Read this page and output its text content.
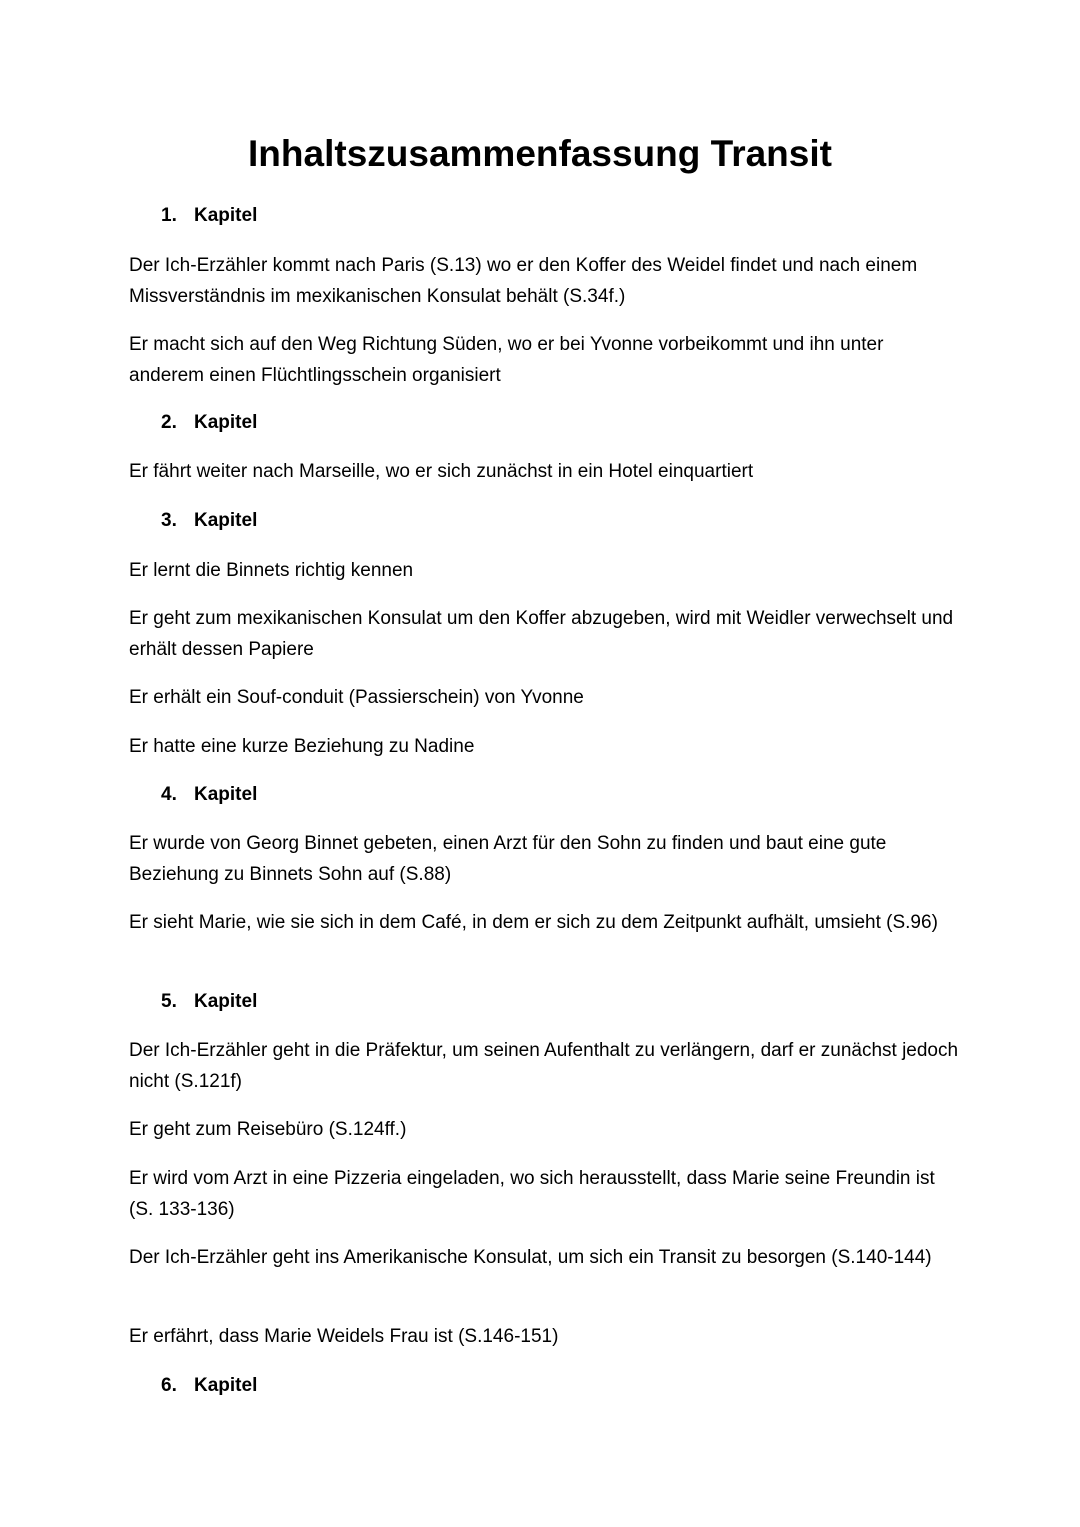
Inhaltszusammenfassung Transit
1. Kapitel

Der Ich-Erzähler kommt nach Paris (S.13) wo er den Koffer des Weidel findet und nach einem Missverständnis im mexikanischen Konsulat behält (S.34f.)

Er macht sich auf den Weg Richtung Süden, wo er bei Yvonne vorbeikommt und ihn unter anderem einen Flüchtlingsschein organisiert

2. Kapitel

Er fährt weiter nach Marseille, wo er sich zunächst in ein Hotel einquartiert

3. Kapitel

Er lernt die Binnets richtig kennen

Er geht zum mexikanischen Konsulat um den Koffer abzugeben, wird mit Weidler verwechselt und erhält dessen Papiere

Er erhält ein Souf-conduit (Passierschein) von Yvonne

Er hatte eine kurze Beziehung zu Nadine

4. Kapitel

Er wurde von Georg Binnet gebeten, einen Arzt für den Sohn zu finden und baut eine gute Beziehung zu Binnets Sohn auf (S.88)

Er sieht Marie, wie sie sich in dem Café, in dem er sich zu dem Zeitpunkt aufhält, umsieht (S.96)

5. Kapitel

Der Ich-Erzähler geht in die Präfektur, um seinen Aufenthalt zu verlängern, darf er zunächst jedoch nicht (S.121f)

Er geht zum Reisebüro (S.124ff.)

Er wird vom Arzt in eine Pizzeria eingeladen, wo sich herausstellt, dass Marie seine Freundin ist (S. 133-136)

Der Ich-Erzähler geht ins Amerikanische Konsulat, um sich ein Transit zu besorgen (S.140-144)

Er erfährt, dass Marie Weidels Frau ist (S.146-151)

6. Kapitel
